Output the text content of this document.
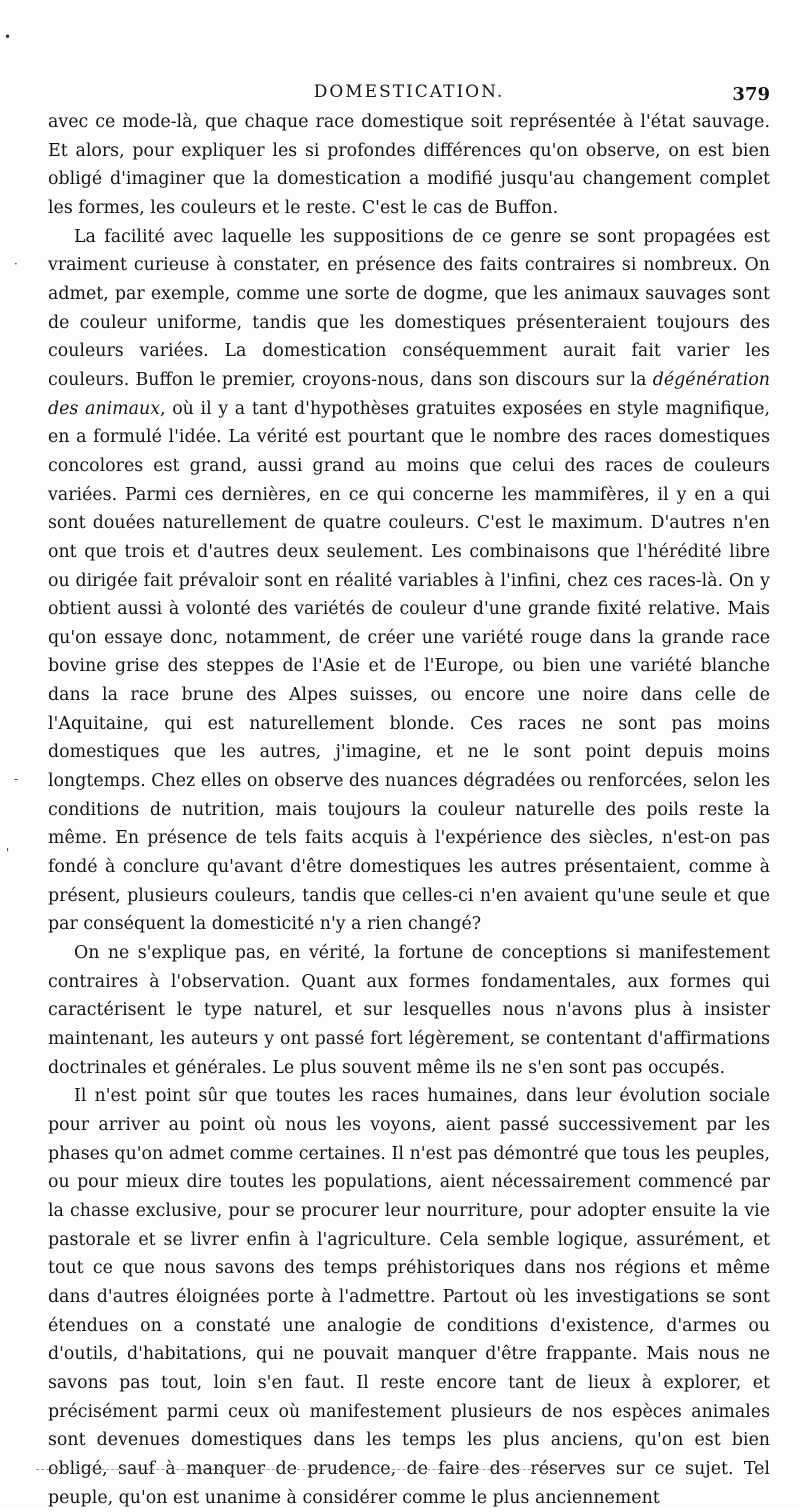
DOMESTICATION.	379

avec ce mode-là, que chaque race domestique soit représentée à l'état sauvage. Et alors, pour expliquer les si profondes différences qu'on observe, on est bien obligé d'imaginer que la domestication a modifié jusqu'au changement complet les formes, les couleurs et le reste. C'est le cas de Buffon.

La facilité avec laquelle les suppositions de ce genre se sont propagées est vraiment curieuse à constater, en présence des faits contraires si nombreux. On admet, par exemple, comme une sorte de dogme, que les animaux sauvages sont de couleur uniforme, tandis que les domestiques présenteraient toujours des couleurs variées. La domestication conséquemment aurait fait varier les couleurs. Buffon le premier, croyons-nous, dans son discours sur la dégénération des animaux, où il y a tant d'hypothèses gratuites exposées en style magnifique, en a formulé l'idée. La vérité est pourtant que le nombre des races domestiques concolores est grand, aussi grand au moins que celui des races de couleurs variées. Parmi ces dernières, en ce qui concerne les mammifères, il y en a qui sont douées naturellement de quatre couleurs. C'est le maximum. D'autres n'en ont que trois et d'autres deux seulement. Les combinaisons que l'hérédité libre ou dirigée fait prévaloir sont en réalité variables à l'infini, chez ces races-là. On y obtient aussi à volonté des variétés de couleur d'une grande fixité relative. Mais qu'on essaye donc, notamment, de créer une variété rouge dans la grande race bovine grise des steppes de l'Asie et de l'Europe, ou bien une variété blanche dans la race brune des Alpes suisses, ou encore une noire dans celle de l'Aquitaine, qui est naturellement blonde. Ces races ne sont pas moins domestiques que les autres, j'imagine, et ne le sont point depuis moins longtemps. Chez elles on observe des nuances dégradées ou renforcées, selon les conditions de nutrition, mais toujours la couleur naturelle des poils reste la même. En présence de tels faits acquis à l'expérience des siècles, n'est-on pas fondé à conclure qu'avant d'être domestiques les autres présentaient, comme à présent, plusieurs couleurs, tandis que celles-ci n'en avaient qu'une seule et que par conséquent la domesticité n'y a rien changé?

On ne s'explique pas, en vérité, la fortune de conceptions si manifestement contraires à l'observation. Quant aux formes fondamentales, aux formes qui caractérisent le type naturel, et sur lesquelles nous n'avons plus à insister maintenant, les auteurs y ont passé fort légèrement, se contentant d'affirmations doctrinales et générales. Le plus souvent même ils ne s'en sont pas occupés.

Il n'est point sûr que toutes les races humaines, dans leur évolution sociale pour arriver au point où nous les voyons, aient passé successivement par les phases qu'on admet comme certaines. Il n'est pas démontré que tous les peuples, ou pour mieux dire toutes les populations, aient nécessairement commencé par la chasse exclusive, pour se procurer leur nourriture, pour adopter ensuite la vie pastorale et se livrer enfin à l'agriculture. Cela semble logique, assurément, et tout ce que nous savons des temps préhistoriques dans nos régions et même dans d'autres éloignées porte à l'admettre. Partout où les investigations se sont étendues on a constaté une analogie de conditions d'existence, d'armes ou d'outils, d'habitations, qui ne pouvait manquer d'être frappante. Mais nous ne savons pas tout, loin s'en faut. Il reste encore tant de lieux à explorer, et précisément parmi ceux où manifestement plusieurs de nos espèces animales sont devenues domestiques dans les temps les plus anciens, qu'on est bien obligé, sauf à manquer de prudence, de faire des réserves sur ce sujet. Tel peuple, qu'on est unanime à considérer comme le plus anciennement

•
·
-
'
